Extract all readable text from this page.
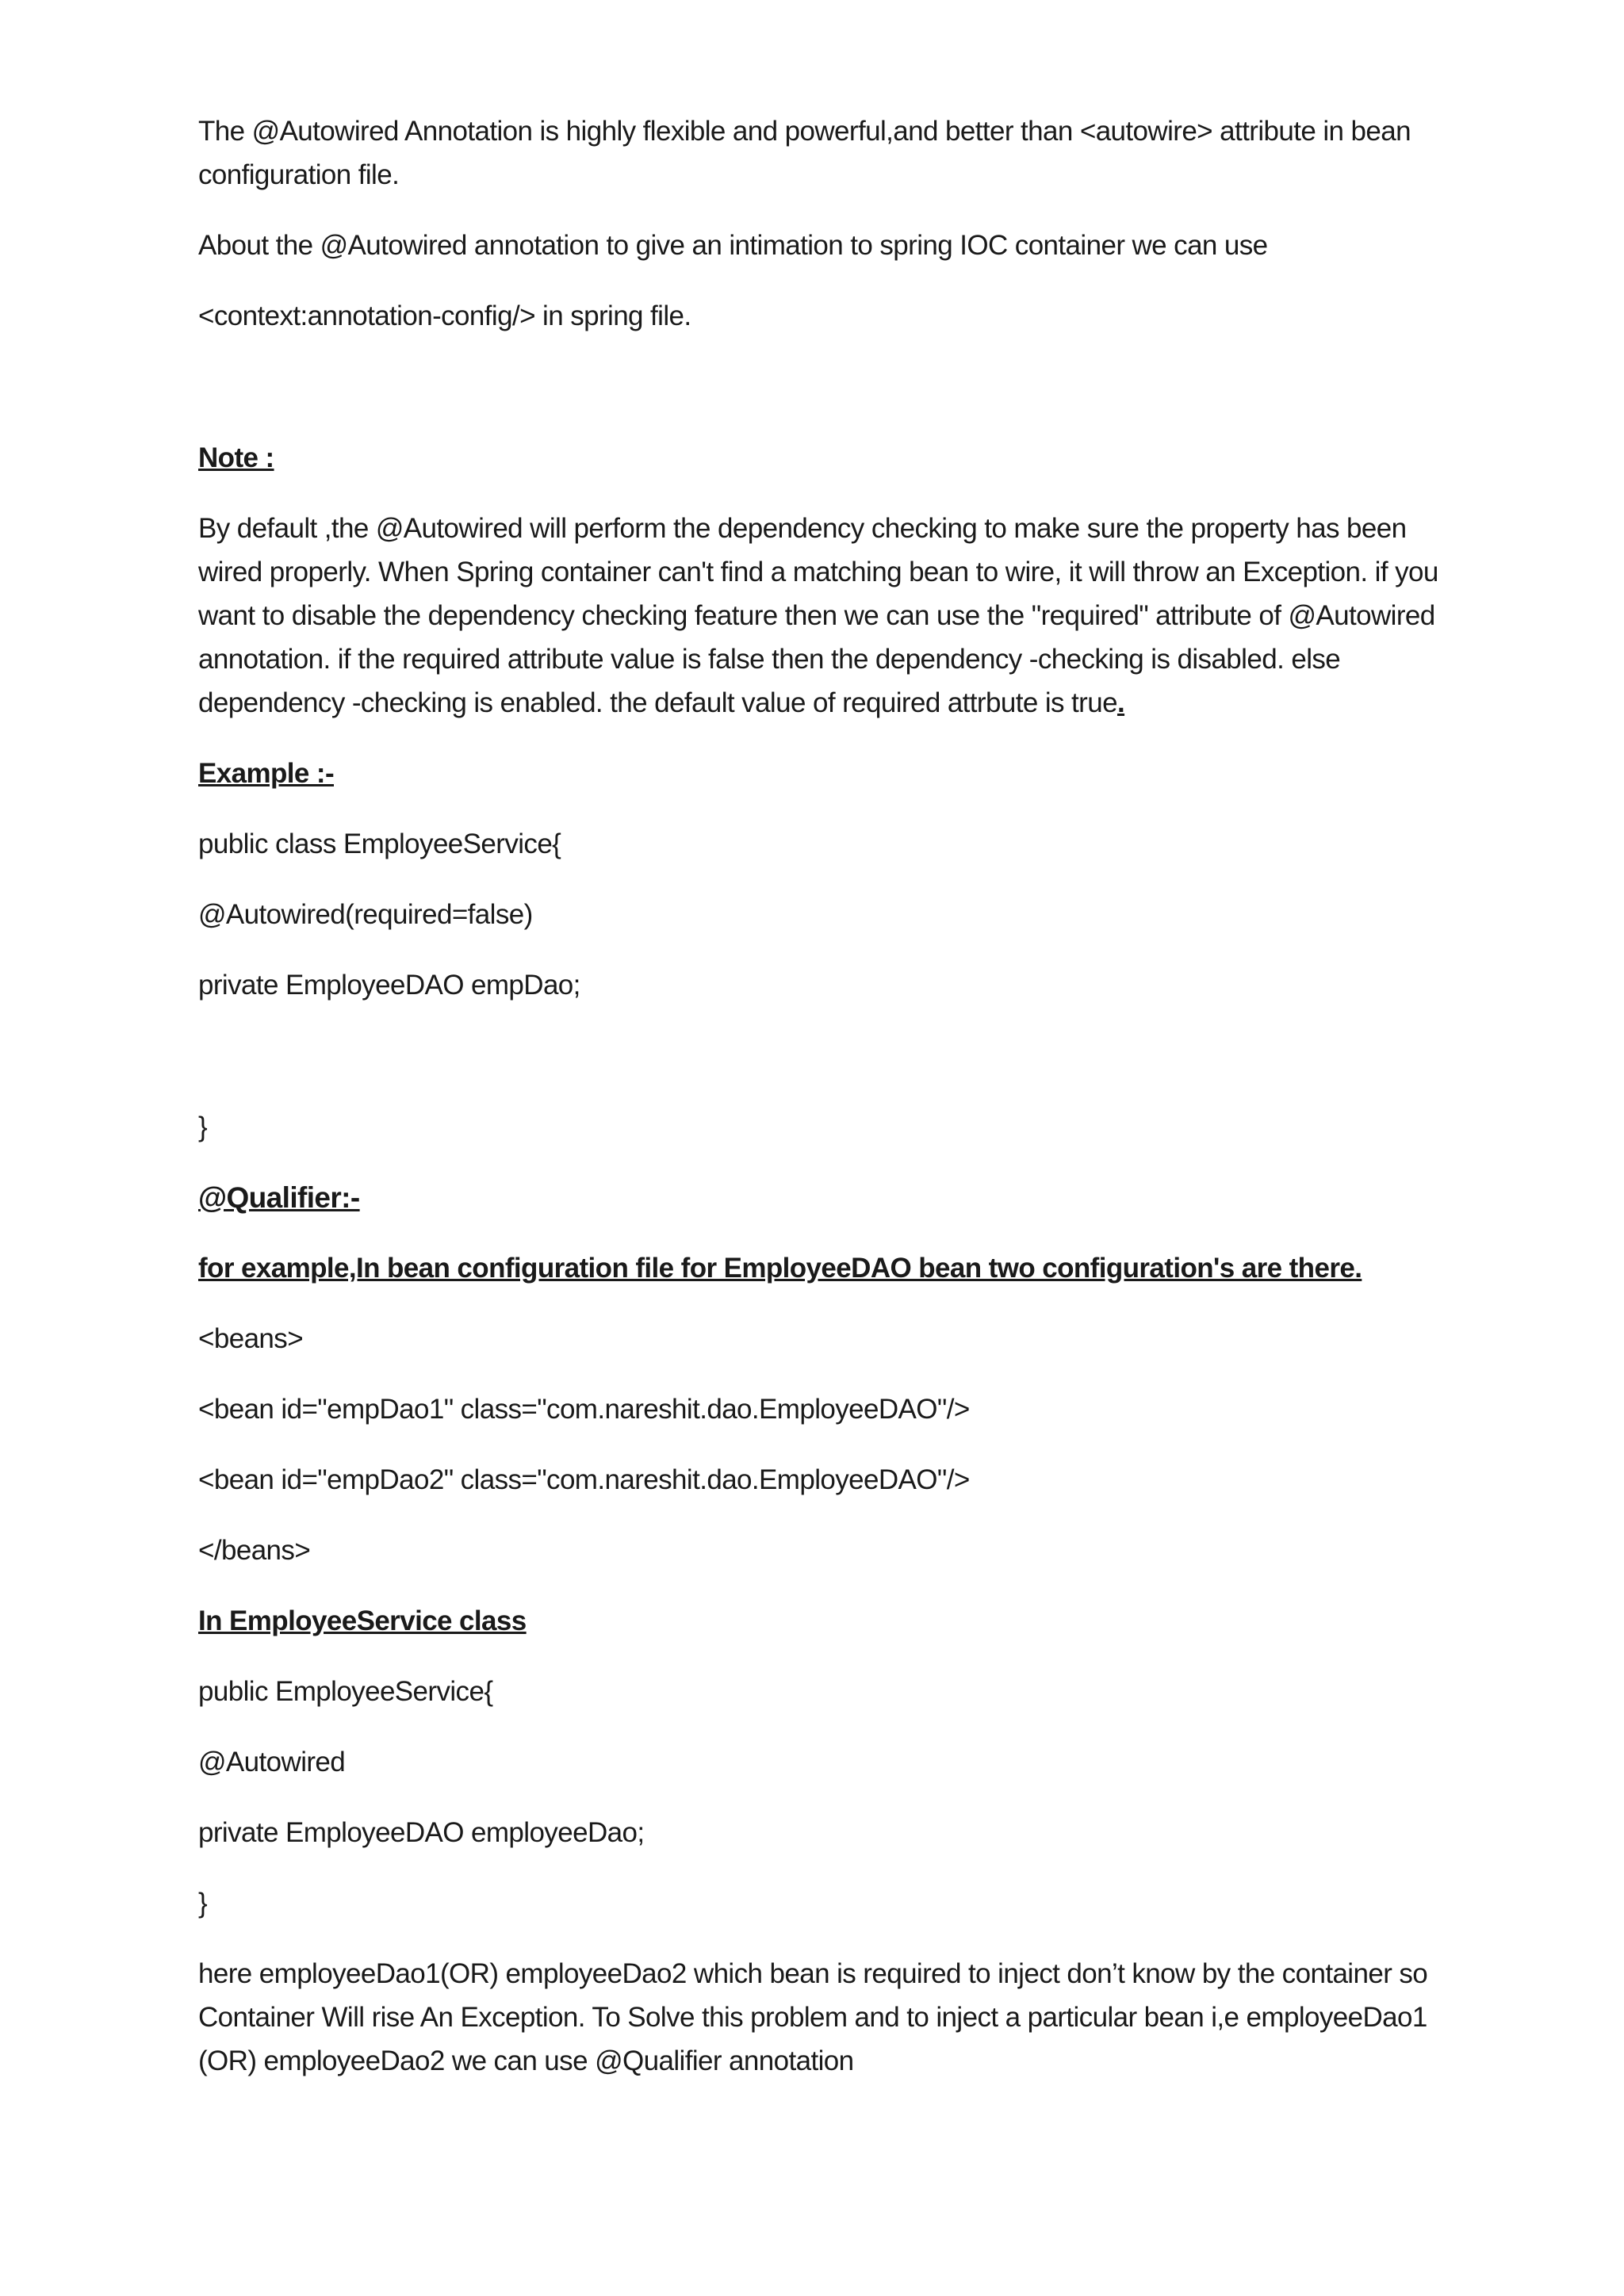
The @Autowired Annotation is highly flexible and powerful,and better than <autowire> attribute in bean configuration file.

About the @Autowired annotation to give an intimation to spring IOC container we can use

<context:annotation-config/> in spring file.

Note :

By default ,the @Autowired will perform the dependency checking to make sure the property has been wired properly. When Spring container can't find a matching bean to wire, it will throw an Exception. if you want to disable the dependency checking feature then we can use the "required" attribute of @Autowired annotation. if the required attribute value is false then the dependency -checking is disabled. else dependency -checking is enabled. the default value of required attrbute is true.

Example :-

public class EmployeeService{

@Autowired(required=false)

private EmployeeDAO empDao;

}

@Qualifier:-

for example,In bean configuration file for EmployeeDAO bean two configuration's are there.

<beans>

<bean id="empDao1" class="com.nareshit.dao.EmployeeDAO"/>

<bean id="empDao2" class="com.nareshit.dao.EmployeeDAO"/>

</beans>

In EmployeeService class

public EmployeeService{

@Autowired

private EmployeeDAO employeeDao;

}

here employeeDao1(OR) employeeDao2 which bean is required to inject don’t know by the container so Container Will rise An Exception. To Solve this problem and to inject a particular bean i,e employeeDao1 (OR) employeeDao2 we can use @Qualifier annotation
